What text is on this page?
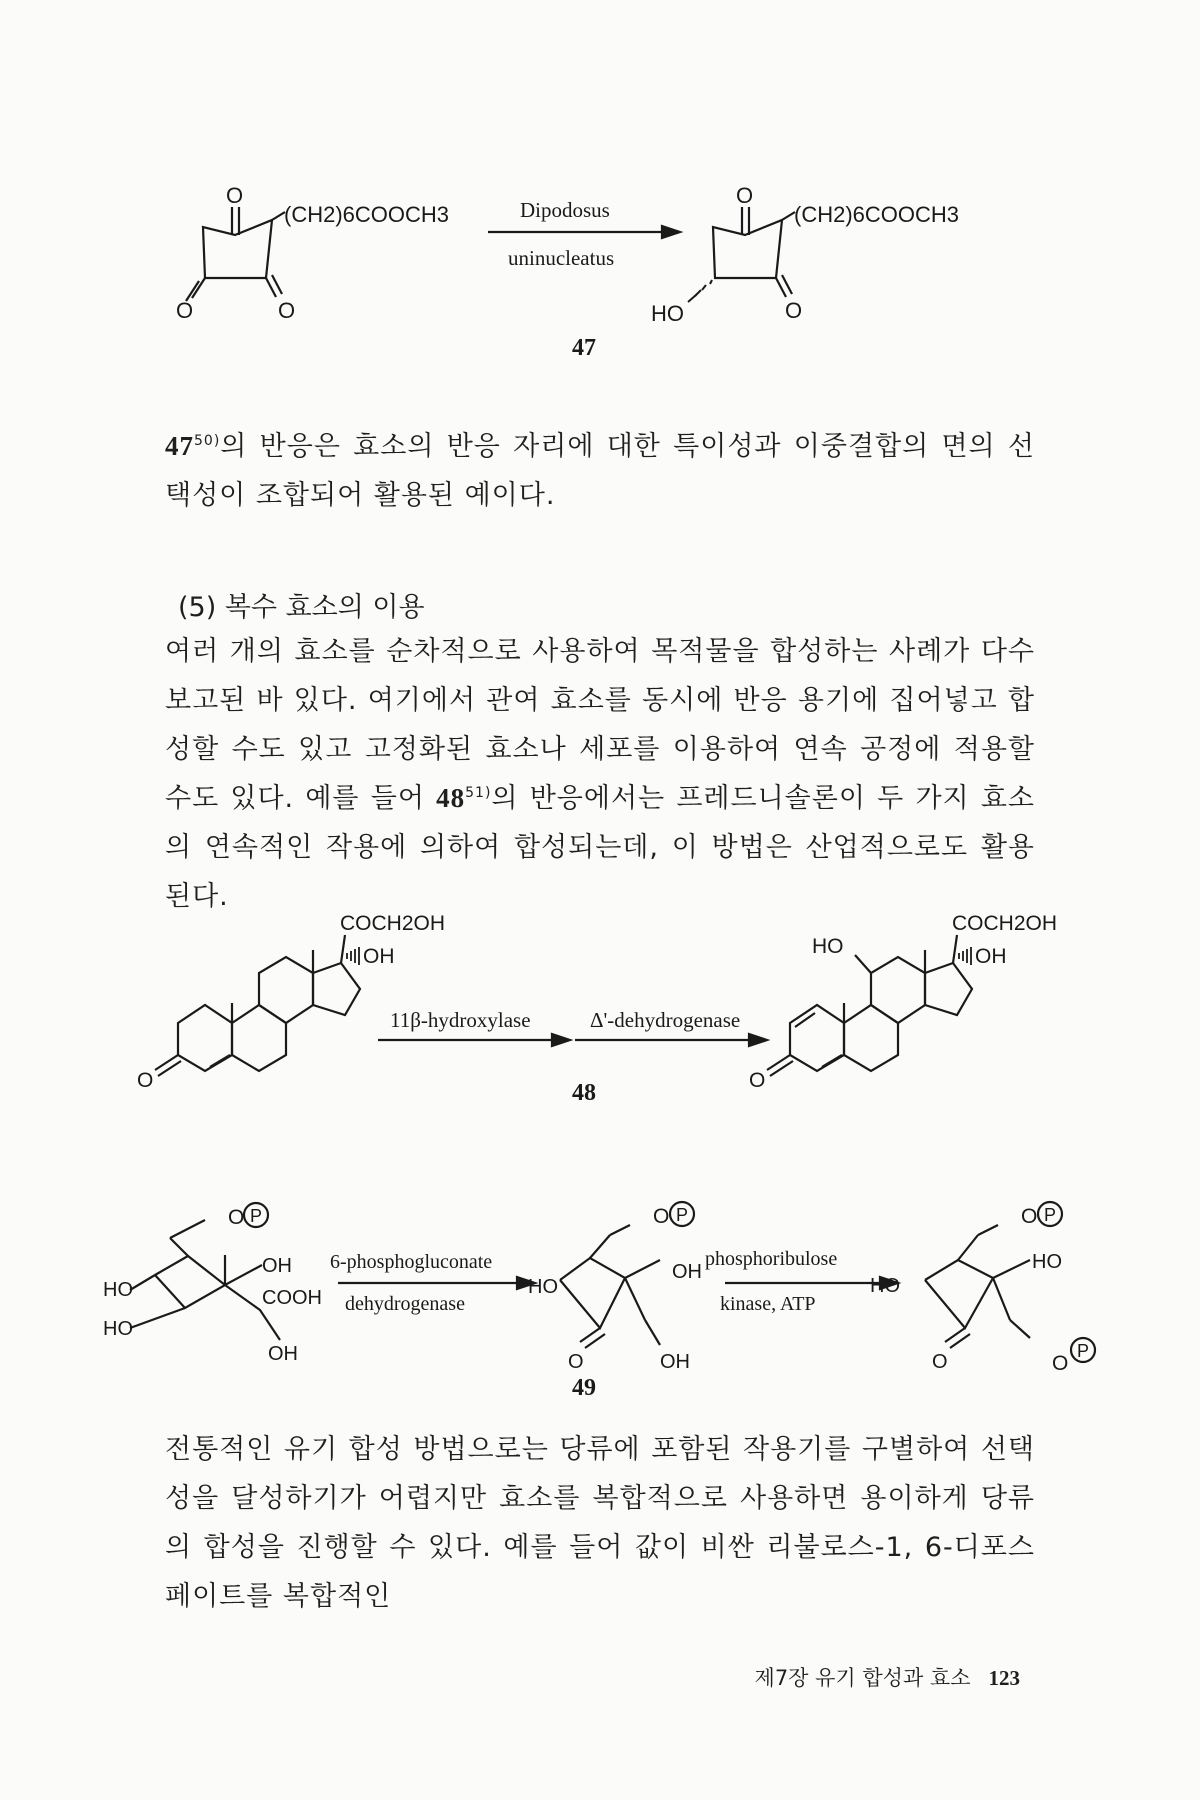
O
O	O
(CH2)6COOCH3	Dipodosus
uninucleatus
O
O
HO
(CH2)6COOCH3
47
47$^{50)}$의 반응은 효소의 반응 자리에 대한 특이성과 이중결합의 면의 선택성이 조합되어 활용된 예이다.
(5) 복수 효소의 이용
여러 개의 효소를 순차적으로 사용하여 목적물을 합성하는 사례가 다수 보고된 바 있다. 여기에서 관여 효소를 동시에 반응 용기에 집어넣고 합성할 수도 있고 고정화된 효소나 세포를 이용하여 연속 공정에 적용할 수도 있다. 예를 들어 48$^{51)}$의 반응에서는 프레드니솔론이 두 가지 효소의 연속적인 작용에 의하여 합성되는데, 이 방법은 산업적으로도 활용된다.
COCH2OH
OH
O
11β-hydroxylase	Δ'-dehydrogenase
COCH2OH
OH
HO
O
48
O P
OH
HO
HO
COOH
OH
6-phosphogluconate
dehydrogenase
HO
O P
OH
O	OH
phosphoribulose
kinase, ATP
HO
O P
HO
O	O
P
49
전통적인 유기 합성 방법으로는 당류에 포함된 작용기를 구별하여 선택성을 달성하기가 어렵지만 효소를 복합적으로 사용하면 용이하게 당류의 합성을 진행할 수 있다. 예를 들어 값이 비싼 리불로스-1, 6-디포스페이트를 복합적인
제7장 유기 합성과 효소 123
